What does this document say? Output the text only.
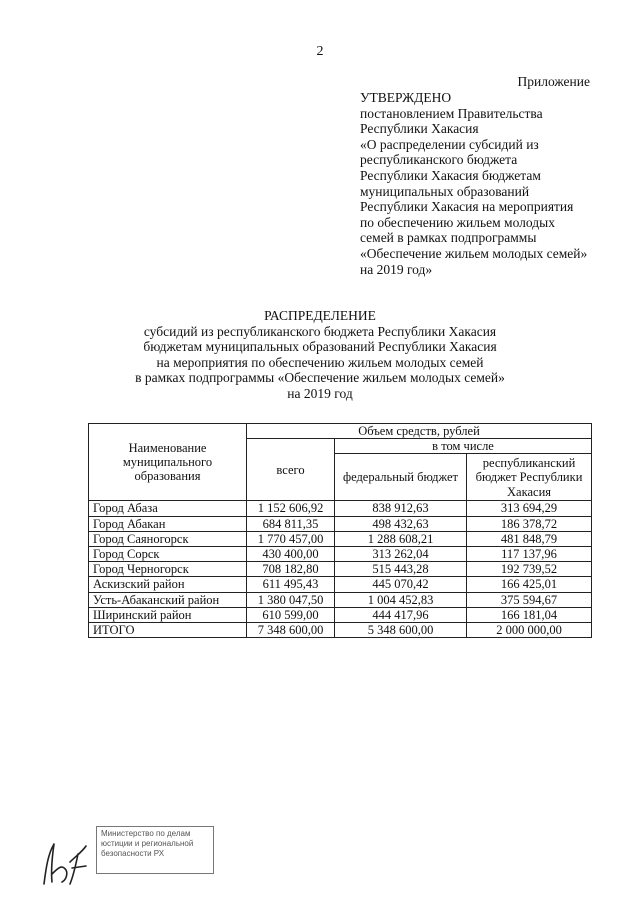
2
Приложение
УТВЕРЖДЕНО
постановлением Правительства
Республики Хакасия
«О распределении субсидий из
республиканского бюджета
Республики Хакасия бюджетам
муниципальных образований
Республики Хакасия на мероприятия
по обеспечению жильем молодых
семей в рамках подпрограммы
«Обеспечение жильем молодых семей»
на 2019 год»
РАСПРЕДЕЛЕНИЕ
субсидий из республиканского бюджета Республики Хакасия
бюджетам муниципальных образований Республики Хакасия
на мероприятия по обеспечению жильем молодых семей
в рамках подпрограммы «Обеспечение жильем молодых семей»
на 2019 год
Наименование муниципального образования	Объем средств, рублей		
	всего	в том числе	
		федеральный бюджет	республиканский бюджет Республики Хакасия
Город Абаза	1 152 606,92	838 912,63	313 694,29
Город Абакан	684 811,35	498 432,63	186 378,72
Город Саяногорск	1 770 457,00	1 288 608,21	481 848,79
Город Сорск	430 400,00	313 262,04	117 137,96
Город Черногорск	708 182,80	515 443,28	192 739,52
Аскизский район	611 495,43	445 070,42	166 425,01
Усть-Абаканский район	1 380 047,50	1 004 452,83	375 594,67
Ширинский район	610 599,00	444 417,96	166 181,04
ИТОГО	7 348 600,00	5 348 600,00	2 000 000,00
Министерство по делам
юстиции и региональной
безопасности РХ
